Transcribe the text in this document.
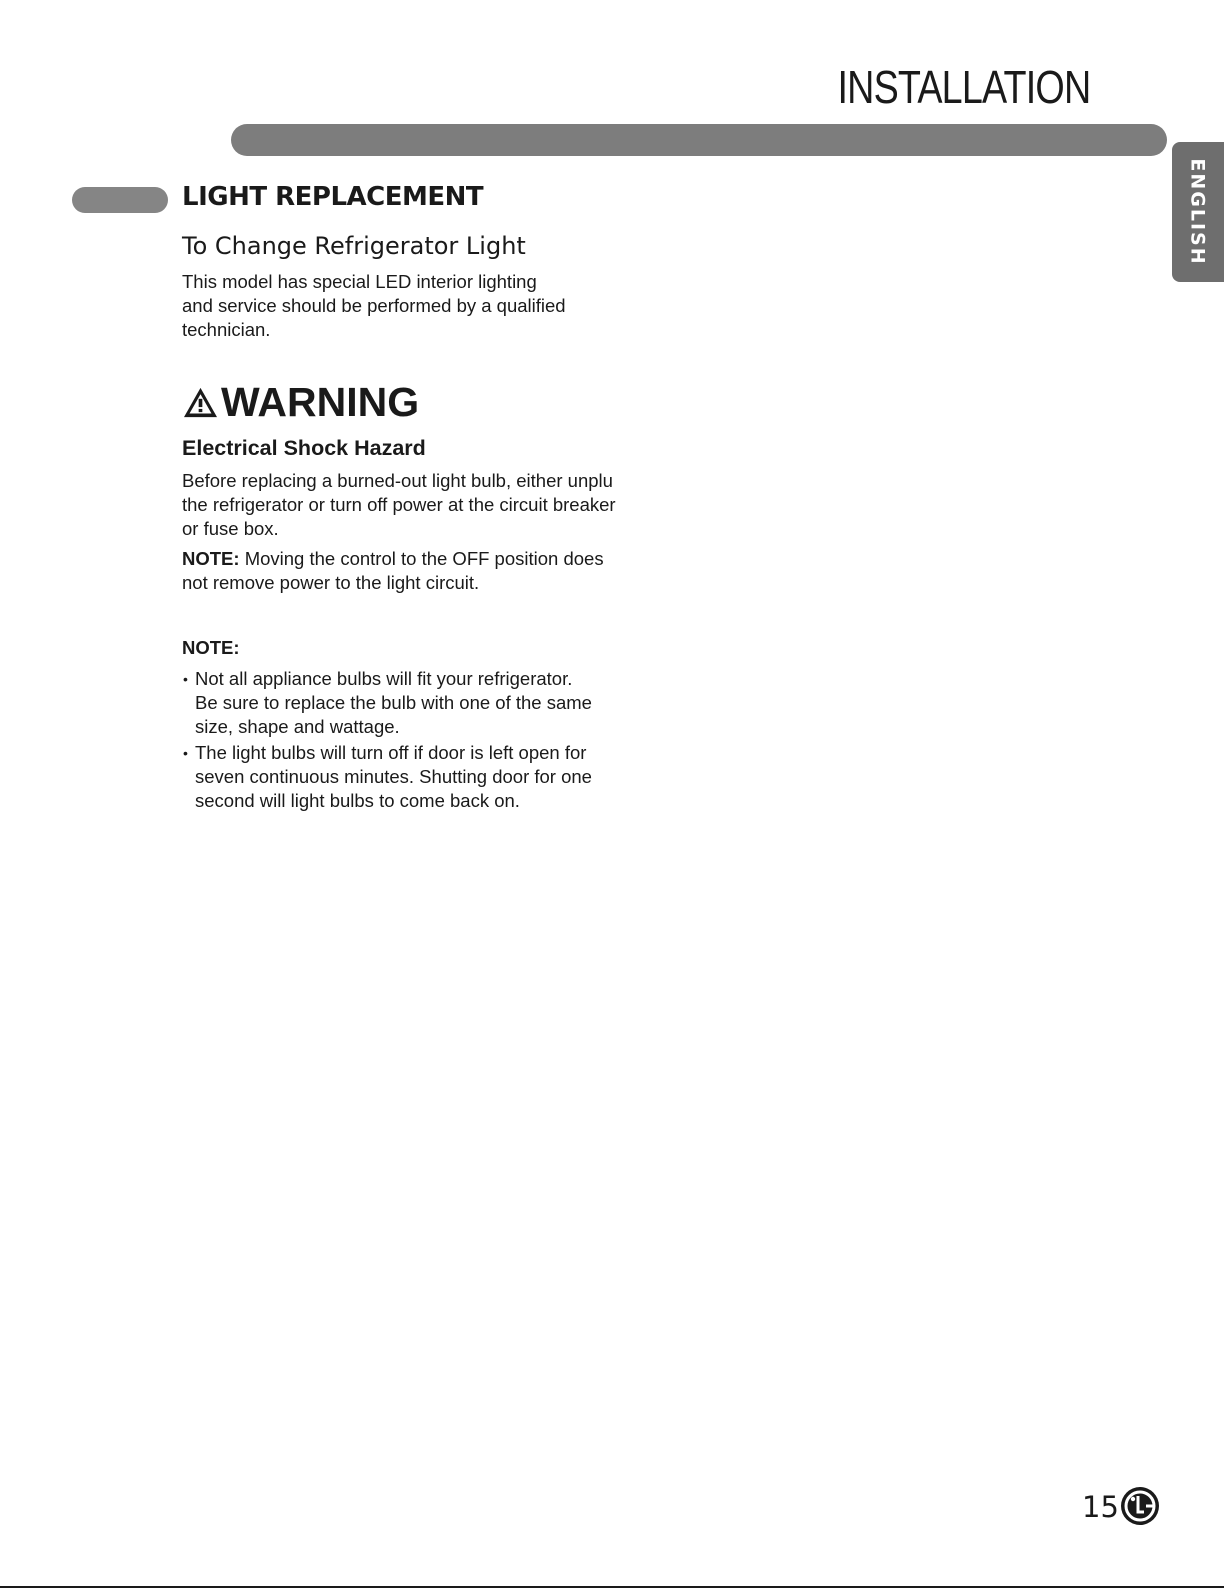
INSTALLATION
ENGLISH
LIGHT REPLACEMENT
To Change Refrigerator Light

This model has special LED interior lighting
and service should be performed by a qualified
technician.

WARNING
Electrical Shock Hazard

Before replacing a burned-out light bulb, either unplu
the refrigerator or turn off power at the circuit breaker
or fuse box.

NOTE: Moving the control to the OFF position does
not remove power to the light circuit.

NOTE:
• Not all appliance bulbs will fit your refrigerator.
Be sure to replace the bulb with one of the same
size, shape and wattage.
• The light bulbs will turn off if door is left open for
seven continuous minutes. Shutting door for one
second will light bulbs to come back on.
15
